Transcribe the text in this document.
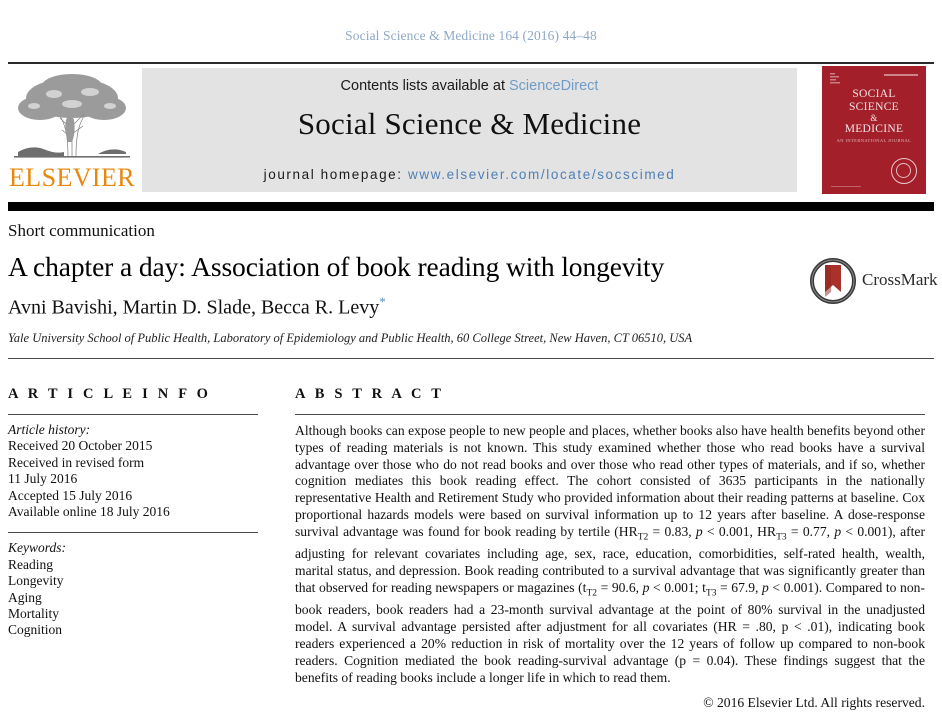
Social Science & Medicine 164 (2016) 44–48
ELSEVIER
Contents lists available at ScienceDirect
Social Science & Medicine
journal homepage: www.elsevier.com/locate/socscimed
SOCIAL
SCIENCE
&
MEDICINE
AN INTERNATIONAL JOURNAL
Short communication
A chapter a day: Association of book reading with longevity
Avni Bavishi, Martin D. Slade, Becca R. Levy*
Yale University School of Public Health, Laboratory of Epidemiology and Public Health, 60 College Street, New Haven, CT 06510, USA
CrossMark
A R T I C L E I N F O
Article history:
Received 20 October 2015
Received in revised form
11 July 2016
Accepted 15 July 2016
Available online 18 July 2016
Keywords:
Reading
Longevity
Aging
Mortality
Cognition
A B S T R A C T
Although books can expose people to new people and places, whether books also have health benefits beyond other types of reading materials is not known. This study examined whether those who read books have a survival advantage over those who do not read books and over those who read other types of materials, and if so, whether cognition mediates this book reading effect. The cohort consisted of 3635 participants in the nationally representative Health and Retirement Study who provided information about their reading patterns at baseline. Cox proportional hazards models were based on survival information up to 12 years after baseline. A dose-response survival advantage was found for book reading by tertile ($HR_{T2} = 0.83$, p < 0.001, $HR_{T3} = 0.77$, p < 0.001), after adjusting for relevant covariates including age, sex, race, education, comorbidities, self-rated health, wealth, marital status, and depression. Book reading contributed to a survival advantage that was significantly greater than that observed for reading newspapers or magazines ($t_{T2} = 90.6$, p < 0.001; $t_{T3} = 67.9$, p < 0.001). Compared to non-book readers, book readers had a 23-month survival advantage at the point of 80% survival in the unadjusted model. A survival advantage persisted after adjustment for all covariates (HR = .80, p < .01), indicating book readers experienced a 20% reduction in risk of mortality over the 12 years of follow up compared to non-book readers. Cognition mediated the book reading-survival advantage (p = 0.04). These findings suggest that the benefits of reading books include a longer life in which to read them.
© 2016 Elsevier Ltd. All rights reserved.
